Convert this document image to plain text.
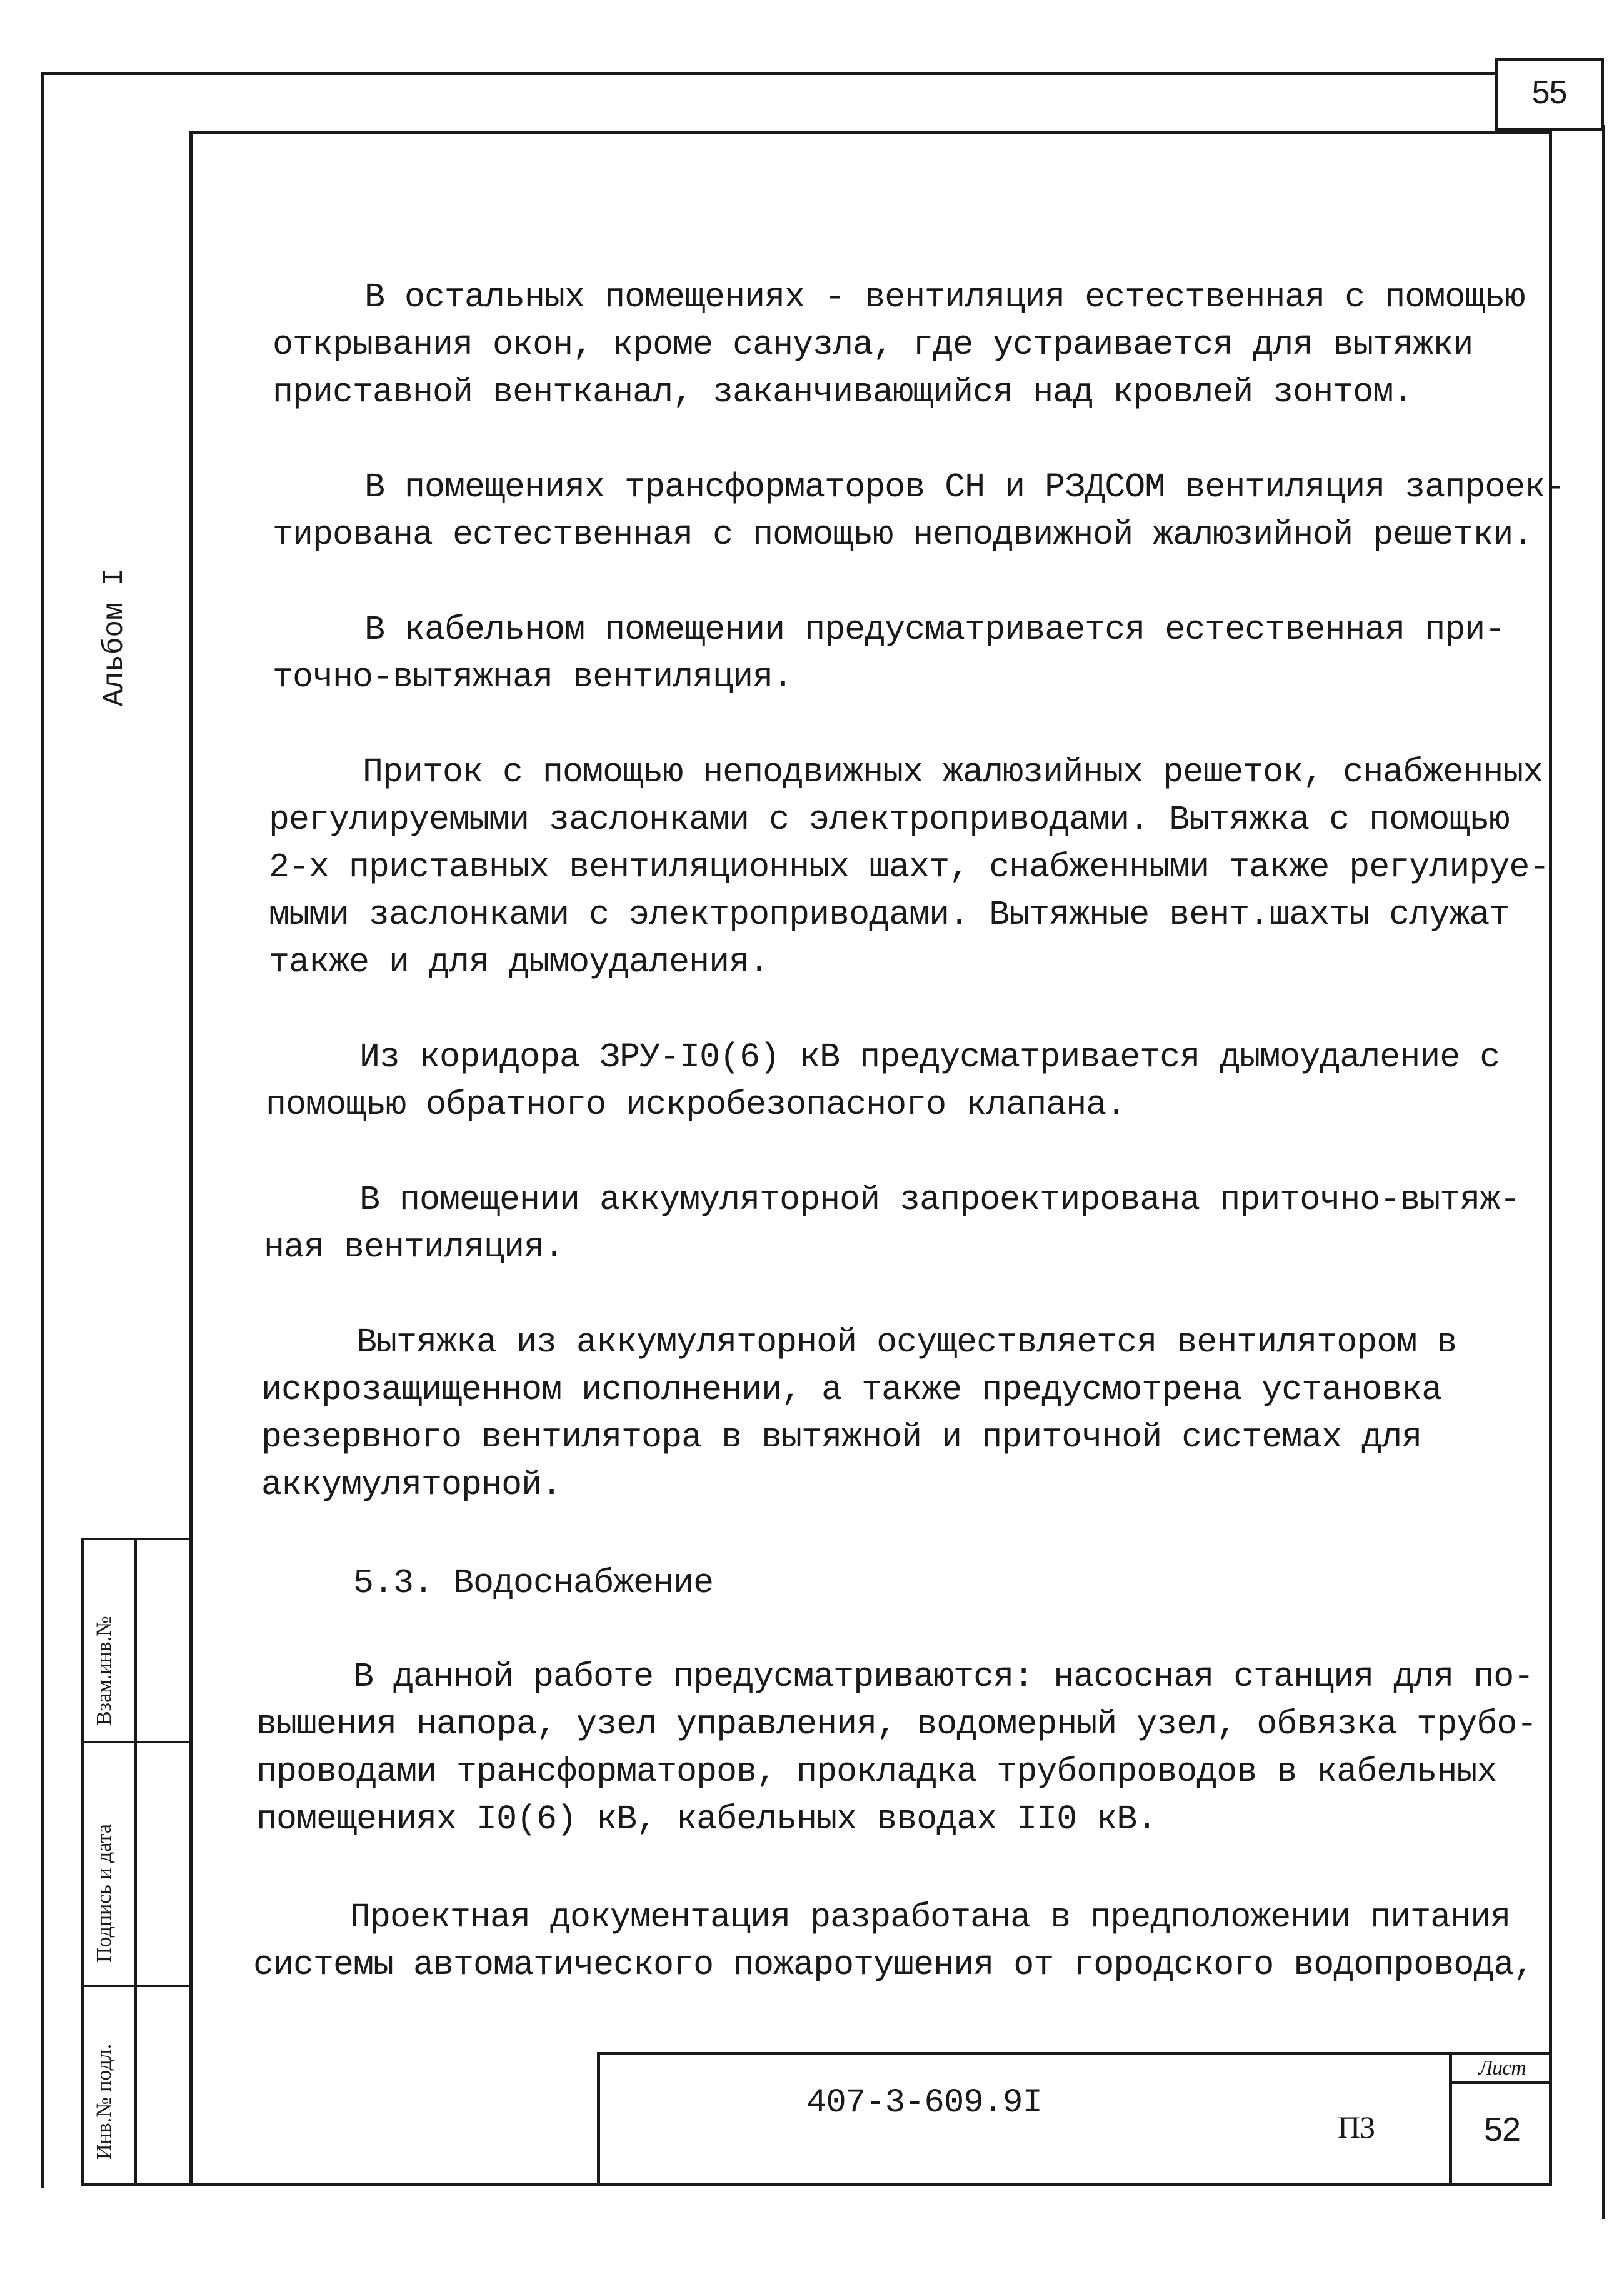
55
Альбом I
Взам.инв.№
Подпись и дата
Инв.№ подл.	407-3-609.9I
ПЗ
Лист
52
В остальных помещениях - вентиляция естественная с помощью
открывания окон, кроме санузла, где устраивается для вытяжки
приставной вентканал, заканчивающийся над кровлей зонтом.
В помещениях трансформаторов СН и РЗДСОМ вентиляция запроек-
тирована естественная с помощью неподвижной жалюзийной решетки.
В кабельном помещении предусматривается естественная при-
точно-вытяжная вентиляция.
Приток с помощью неподвижных жалюзийных решеток, снабженных
регулируемыми заслонками с электроприводами. Вытяжка с помощью
2-х приставных вентиляционных шахт, снабженными также регулируе-
мыми заслонками с электроприводами. Вытяжные вент.шахты служат
также и для дымоудаления.
Из коридора ЗРУ-I0(6) кВ предусматривается дымоудаление с
помощью обратного искробезопасного клапана.
В помещении аккумуляторной запроектирована приточно-вытяж-
ная вентиляция.
Вытяжка из аккумуляторной осуществляется вентилятором в
искрозащищенном исполнении, а также предусмотрена установка
резервного вентилятора в вытяжной и приточной системах для
аккумуляторной.
5.3. Водоснабжение
В данной работе предусматриваются: насосная станция для по-
вышения напора, узел управления, водомерный узел, обвязка трубо-
проводами трансформаторов, прокладка трубопроводов в кабельных
помещениях I0(6) кВ, кабельных вводах II0 кВ.
Проектная документация разработана в предположении питания
системы автоматического пожаротушения от городского водопровода,
